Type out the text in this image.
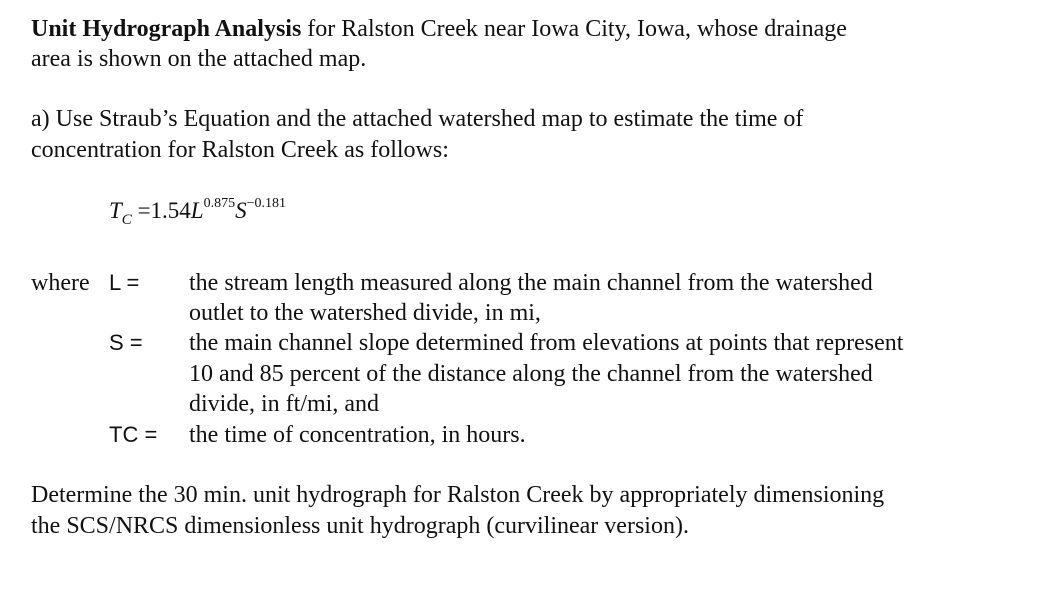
Unit Hydrograph Analysis for Ralston Creek near Iowa City, Iowa, whose drainage
area is shown on the attached map.
a) Use Straub’s Equation and the attached watershed map to estimate the time of
concentration for Ralston Creek as follows:
$T_C =1.54L^{0.875}S^{-0.181}$
where L = the stream length measured along the main channel from the watershed
outlet to the watershed divide, in mi,
S = the main channel slope determined from elevations at points that represent
10 and 85 percent of the distance along the channel from the watershed
divide, in ft/mi, and
TC = the time of concentration, in hours.
Determine the 30 min. unit hydrograph for Ralston Creek by appropriately dimensioning
the SCS/NRCS dimensionless unit hydrograph (curvilinear version).
